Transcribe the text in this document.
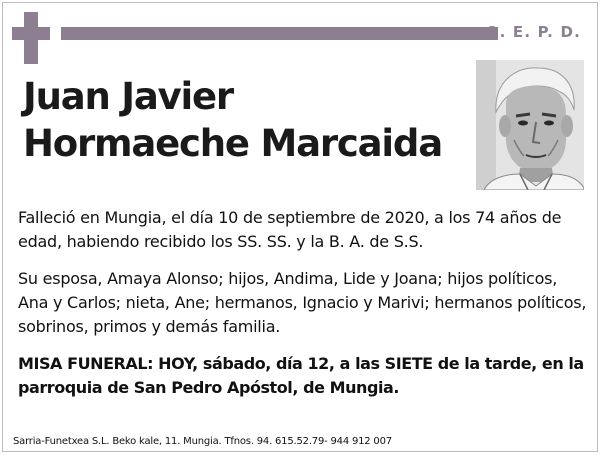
Q. E. P. D.
Juan Javier
Hormaeche Marcaida
Falleció en Mungia, el día 10 de septiembre de 2020, a los 74 años de edad, habiendo recibido los SS. SS. y la B. A. de S.S.
Su esposa, Amaya Alonso; hijos, Andima, Lide y Joana; hijos políticos, Ana y Carlos; nieta, Ane; hermanos, Ignacio y Marivi; hermanos políticos, sobrinos, primos y demás familia.
MISA FUNERAL: HOY, sábado, día 12, a las SIETE de la tarde, en la parroquia de San Pedro Apóstol, de Mungia.
Sarria-Funetxea S.L. Beko kale, 11. Mungia. Tfnos. 94. 615.52.79- 944 912 007
